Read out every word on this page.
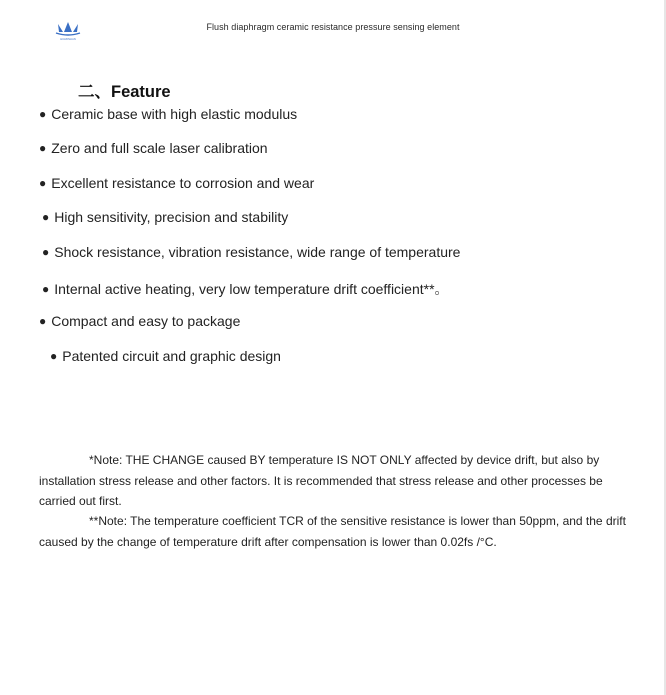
HUAXINLIAN
Flush diaphragm ceramic resistance pressure sensing element
二、Feature
● Ceramic base with high elastic modulus
● Zero and full scale laser calibration
● Excellent resistance to corrosion and wear
● High sensitivity, precision and stability
● Shock resistance, vibration resistance, wide range of temperature
● Internal active heating, very low temperature drift coefficient**。
● Compact and easy to package
● Patented circuit and graphic design

*Note: THE CHANGE caused BY temperature IS NOT ONLY affected by device drift, but also by installation stress release and other factors. It is recommended that stress release and other processes be carried out first.

**Note: The temperature coefficient TCR of the sensitive resistance is lower than 50ppm, and the drift caused by the change of temperature drift after compensation is lower than 0.02fs /°C.
